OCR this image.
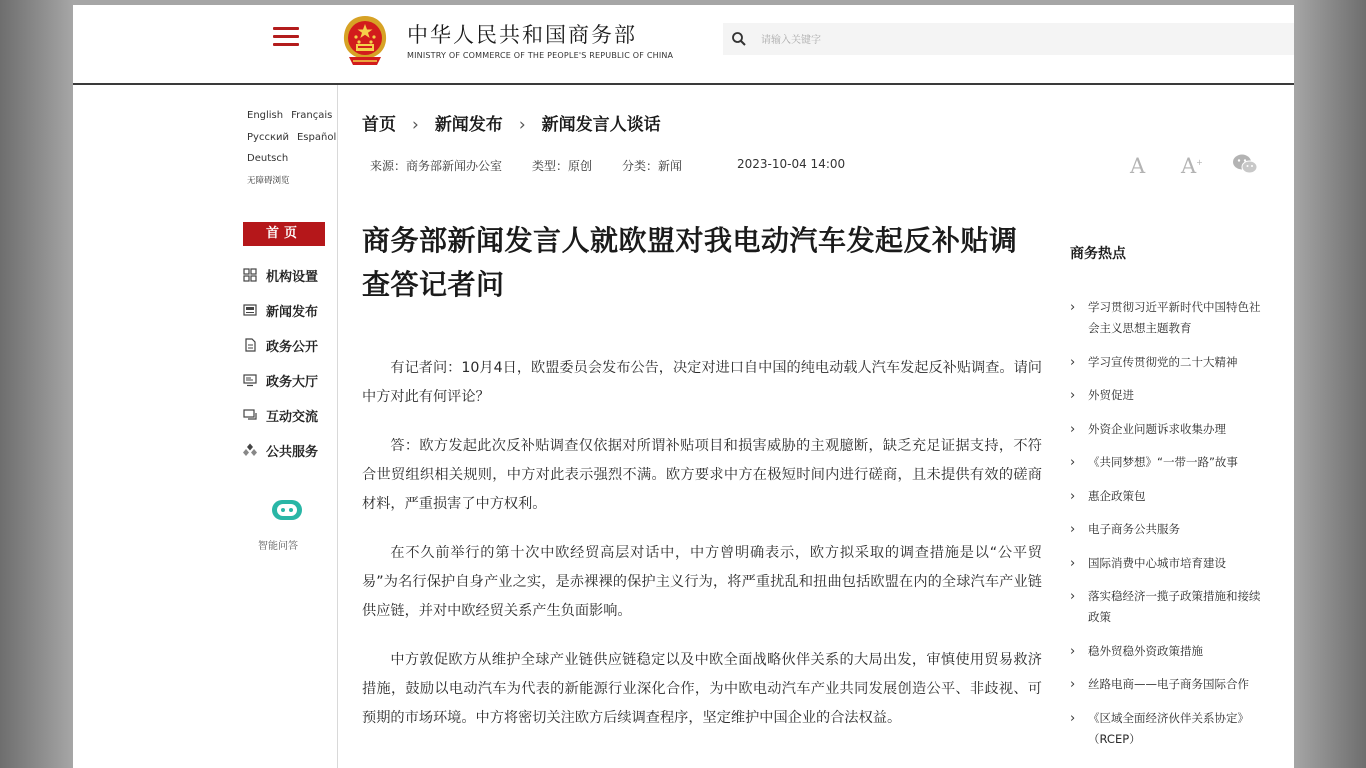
中华人民共和国商务部
MINISTRY OF COMMERCE OF THE PEOPLE'S REPUBLIC OF CHINA
请输入关键字
English Français
Русский Español
Deutsch
无障碍浏览
首页
机构设置
新闻发布
政务公开
政务大厅
互动交流
公共服务
智能问答
首页 › 新闻发布 › 新闻发言人谈话
来源：商务部新闻办公室 类型：原创 分类：新闻	2023-10-04 14:00	A A+
商务部新闻发言人就欧盟对我电动汽车发起反补贴调查答记者问

有记者问：10月4日，欧盟委员会发布公告，决定对进口自中国的纯电动载人汽车发起反补贴调查。请问中方对此有何评论？

答：欧方发起此次反补贴调查仅依据对所谓补贴项目和损害威胁的主观臆断，缺乏充足证据支持，不符合世贸组织相关规则，中方对此表示强烈不满。欧方要求中方在极短时间内进行磋商，且未提供有效的磋商材料，严重损害了中方权利。

在不久前举行的第十次中欧经贸高层对话中，中方曾明确表示，欧方拟采取的调查措施是以“公平贸易”为名行保护自身产业之实，是赤裸裸的保护主义行为，将严重扰乱和扭曲包括欧盟在内的全球汽车产业链供应链，并对中欧经贸关系产生负面影响。

中方敦促欧方从维护全球产业链供应链稳定以及中欧全面战略伙伴关系的大局出发，审慎使用贸易救济措施，鼓励以电动汽车为代表的新能源行业深化合作，为中欧电动汽车产业共同发展创造公平、非歧视、可预期的市场环境。中方将密切关注欧方后续调查程序，坚定维护中国企业的合法权益。

商务热点
› 学习贯彻习近平新时代中国特色社会主义思想主题教育
› 学习宣传贯彻党的二十大精神
› 外贸促进
› 外资企业问题诉求收集办理
› 《共同梦想》“一带一路”故事
› 惠企政策包
› 电子商务公共服务
› 国际消费中心城市培育建设
› 落实稳经济一揽子政策措施和接续政策
› 稳外贸稳外资政策措施
› 丝路电商——电子商务国际合作
› 《区域全面经济伙伴关系协定》（RCEP）
